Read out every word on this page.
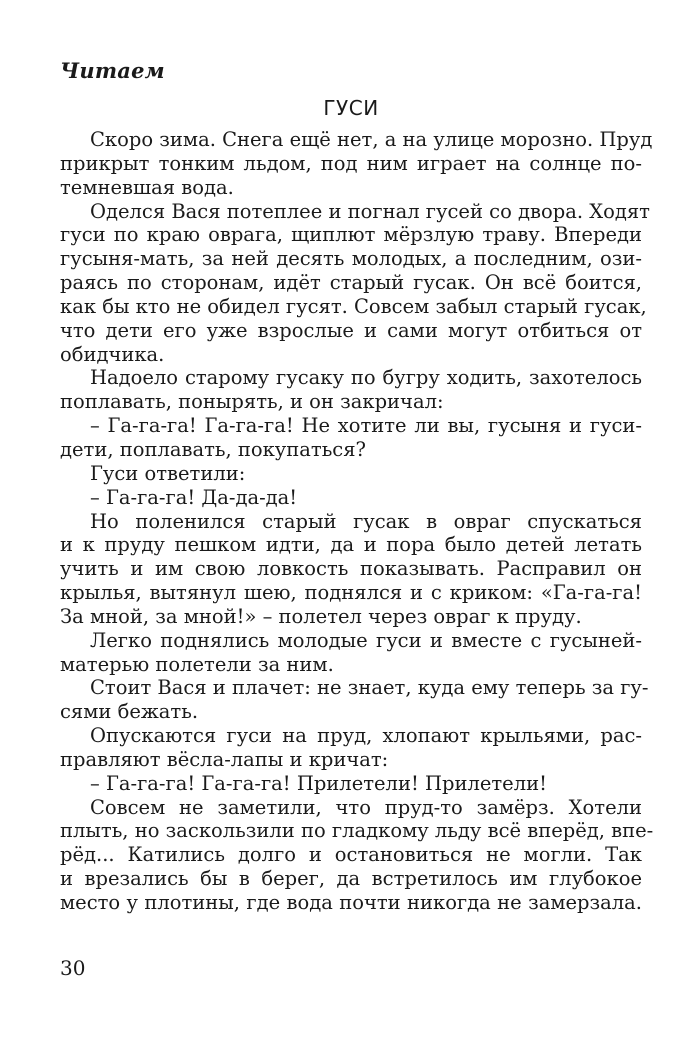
Читаем
ГУСИ
Скоро зима. Снега ещё нет, а на улице морозно. Пруд
прикрыт тонким льдом, под ним играет на солнце по-
темневшая вода.
Оделся Вася потеплее и погнал гусей со двора. Ходят
гуси по краю оврага, щиплют мёрзлую траву. Впереди
гусыня-мать, за ней десять молодых, а последним, ози-
раясь по сторонам, идёт старый гусак. Он всё боится,
как бы кто не обидел гусят. Совсем забыл старый гусак,
что дети его уже взрослые и сами могут отбиться от
обидчика.
Надоело старому гусаку по бугру ходить, захотелось
поплавать, понырять, и он закричал:
– Га-га-га! Га-га-га! Не хотите ли вы, гусыня и гуси-
дети, поплавать, покупаться?
Гуси ответили:
– Га-га-га! Да-да-да!
Но поленился старый гусак в овраг спускаться
и к пруду пешком идти, да и пора было детей летать
учить и им свою ловкость показывать. Расправил он
крылья, вытянул шею, поднялся и с криком: «Га-га-га!
За мной, за мной!» – полетел через овраг к пруду.
Легко поднялись молодые гуси и вместе с гусыней-
матерью полетели за ним.
Стоит Вася и плачет: не знает, куда ему теперь за гу-
сями бежать.
Опускаются гуси на пруд, хлопают крыльями, рас-
правляют вёсла-лапы и кричат:
– Га-га-га! Га-га-га! Прилетели! Прилетели!
Совсем не заметили, что пруд-то замёрз. Хотели
плыть, но заскользили по гладкому льду всё вперёд, впе-
рёд... Катились долго и остановиться не могли. Так
и врезались бы в берег, да встретилось им глубокое
место у плотины, где вода почти никогда не замерзала.
30
